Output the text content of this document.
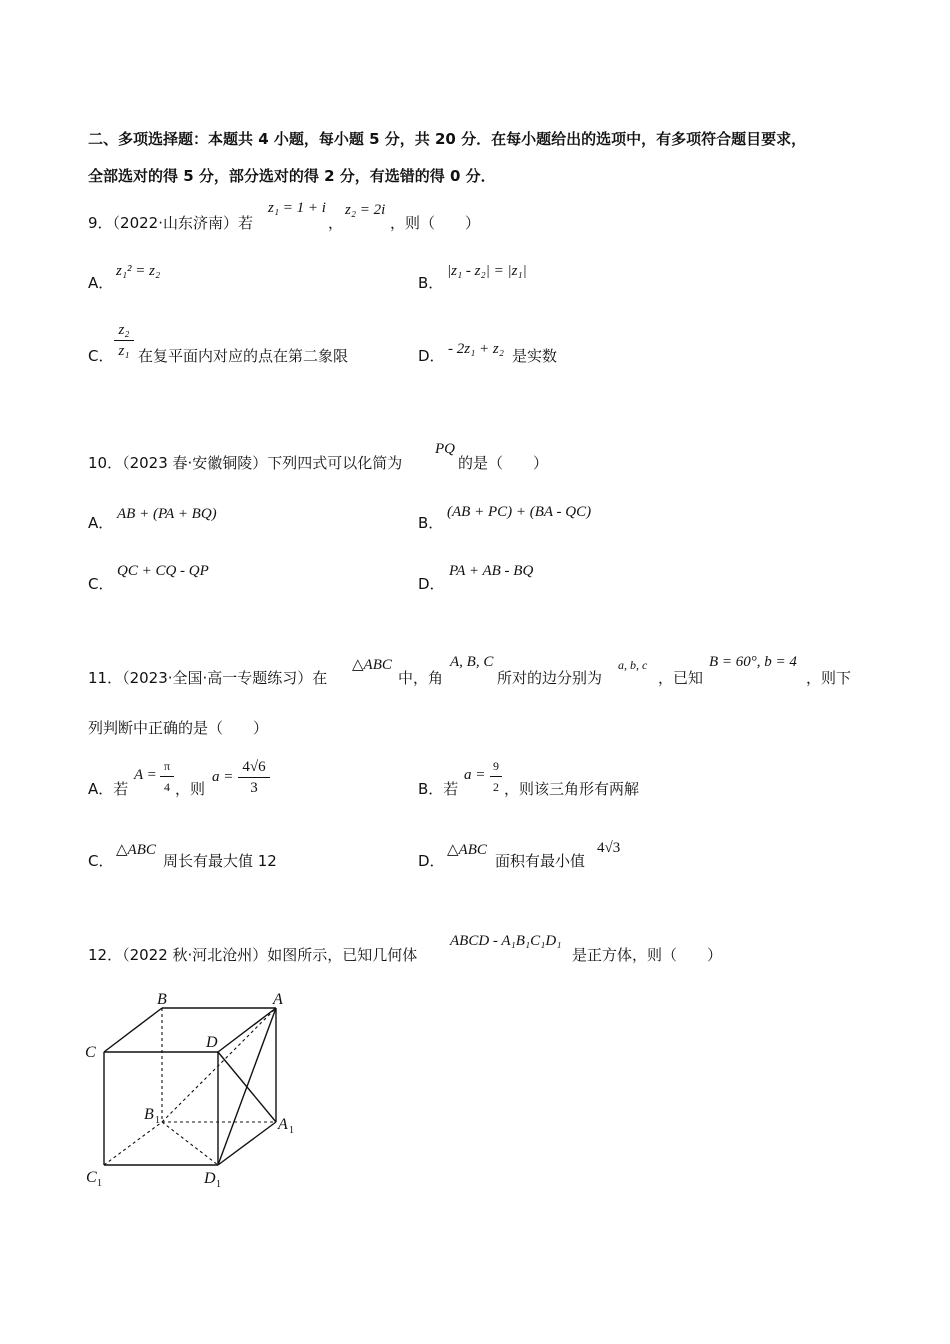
二、多项选择题：本题共 4 小题，每小题 5 分，共 20 分．在每小题给出的选项中，有多项符合题目要求，
全部选对的得 5 分，部分选对的得 2 分，有选错的得 0 分．
9．（2022·山东济南）若
z₁ = 1 + i
，
z₂ = 2i
，则（　　）
A．
z₁² = z₂
B．
|z₁ - z₂| = |z₁|
C．
z₂
z₁ 在复平面内对应的点在第二象限	D． - 2z₁ + z₂ 是实数
10．（2023 春·安徽铜陵）下列四式可以化简为
PQ
的是（　　）
A． AB + (PA + BQ)	B．
(AB + PC) + (BA - QC)
C．
QC + CQ - QP
D．
PA + AB - BQ
11．（2023·全国·高一专题练习）在
△ABC
中，角
A, B, C
所对的边分别为
a, b, c
，已知
B = 60°, b = 4
，则下
列判断中正确的是（　　）
A．若
A =
π
4 ，则
a =
4√6
3	B．若
a =
9
2 ，则该三角形有两解
C．
△ABC
周长有最大值 12	D．
△ABC
面积有最小值
4√3
12．（2022 秋·河北沧州）如图所示，已知几何体
ABCD - A₁B₁C₁D₁
是正方体，则（　　）
B	A
C
D
B 1	A 1
C 1	D 1
